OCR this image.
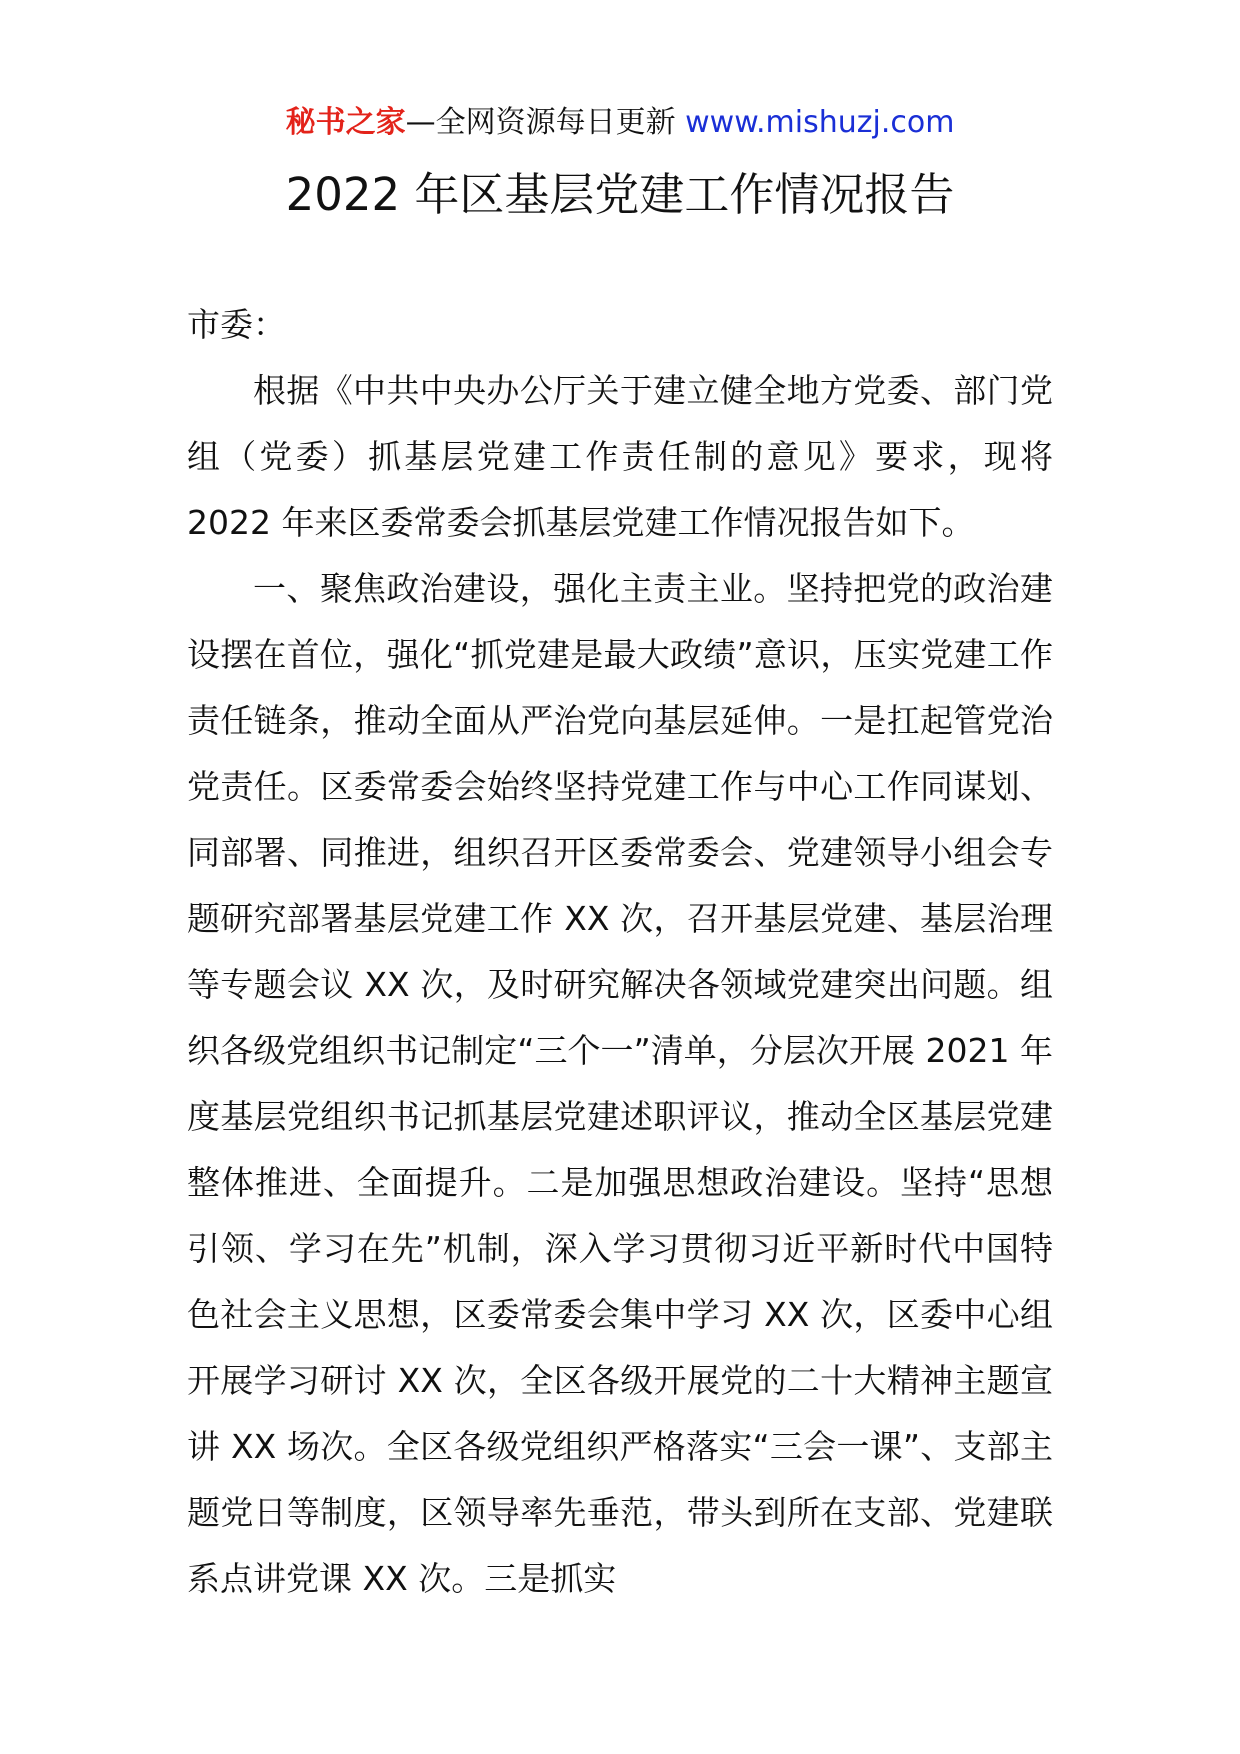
秘书之家—全网资源每日更新 www.mishuzj.com
2022 年区基层党建工作情况报告

市委：

根据《中共中央办公厅关于建立健全地方党委、部门党组（党委）抓基层党建工作责任制的意见》要求，现将 2022 年来区委常委会抓基层党建工作情况报告如下。

一、聚焦政治建设，强化主责主业。坚持把党的政治建设摆在首位，强化“抓党建是最大政绩”意识，压实党建工作责任链条，推动全面从严治党向基层延伸。一是扛起管党治党责任。区委常委会始终坚持党建工作与中心工作同谋划、同部署、同推进，组织召开区委常委会、党建领导小组会专题研究部署基层党建工作 XX 次，召开基层党建、基层治理等专题会议 XX 次，及时研究解决各领域党建突出问题。组织各级党组织书记制定“三个一”清单，分层次开展 2021 年度基层党组织书记抓基层党建述职评议，推动全区基层党建整体推进、全面提升。二是加强思想政治建设。坚持“思想引领、学习在先”机制，深入学习贯彻习近平新时代中国特色社会主义思想，区委常委会集中学习 XX 次，区委中心组开展学习研讨 XX 次，全区各级开展党的二十大精神主题宣讲 XX 场次。全区各级党组织严格落实“三会一课”、支部主题党日等制度，区领导率先垂范，带头到所在支部、党建联系点讲党课 XX 次。三是抓实
